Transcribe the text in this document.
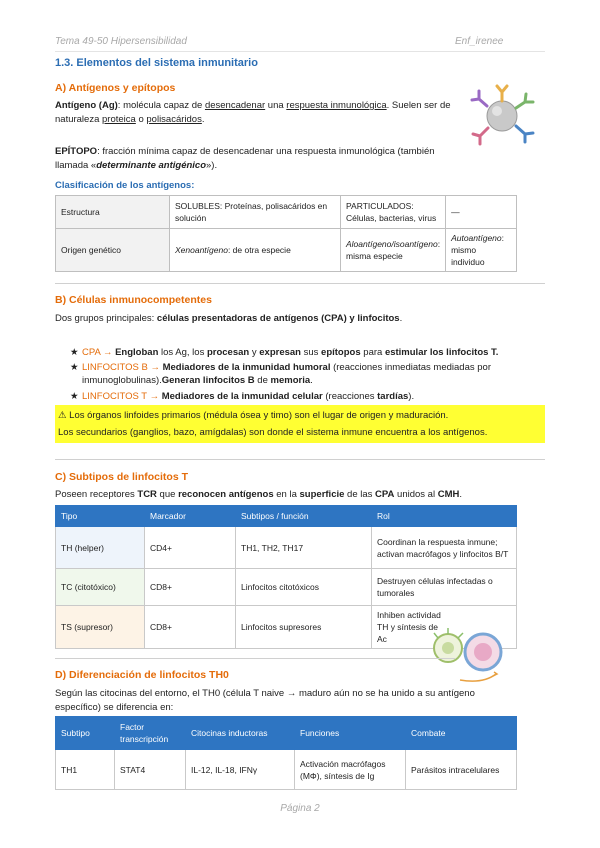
Tema 49-50 Hipersensibilidad	Enf_irenee
1.3. Elementos del sistema inmunitario
A) Antígenos y epítopos
Antígeno (Ag): molécula capaz de desencadenar una respuesta inmunológica. Suelen ser de
naturaleza proteica o polisacáridos.
EPÍTOPO: fracción mínima capaz de desencadenar una respuesta inmunológica (también
llamada «determinante antigénico»).
Clasificación de los antígenos:
Estructura	SOLUBLES: Proteínas, polisacáridos en solución	PARTICULADOS: Células, bacterias, virus	—
Origen genético	Xenoantígeno: de otra especie	Aloantígeno/isoantígeno: misma especie	Autoantígeno: mismo individuo
B) Células inmunocompetentes
Dos grupos principales: células presentadoras de antígenos (CPA) y linfocitos.
★ CPA → Engloban los Ag, los procesan y expresan sus epítopos para estimular los linfocitos T.
★ LINFOCITOS B → Mediadores de la inmunidad humoral (reacciones inmediatas mediadas por
inmunoglobulinas).Generan linfocitos B de memoria.
★ LINFOCITOS T → Mediadores de la inmunidad celular (reacciones tardías).
⚠ Los órganos linfoides primarios (médula ósea y timo) son el lugar de origen y maduración.
Los secundarios (ganglios, bazo, amígdalas) son donde el sistema inmune encuentra a los antígenos.
C) Subtipos de linfocitos T
Poseen receptores TCR que reconocen antígenos en la superficie de las CPA unidos al CMH.
Tipo	Marcador	Subtipos / función	Rol
TH (helper)	CD4+	TH1, TH2, TH17	Coordinan la respuesta inmune; activan macrófagos y linfocitos B/T
TC (citotóxico)	CD8+	Linfocitos citotóxicos	Destruyen células infectadas o tumorales
TS (supresor)	CD8+	Linfocitos supresores	Inhiben actividad TH y síntesis de Ac
D) Diferenciación de linfocitos TH0
Según las citocinas del entorno, el TH0 (célula T naive → maduro aún no se ha unido a su antígeno
específico) se diferencia en:
Subtipo	Factor transcripción	Citocinas inductoras	Funciones	Combate
TH1	STAT4	IL-12, IL-18, IFNγ	Activación macrófagos (MΦ), síntesis de Ig	Parásitos intracelulares
Página 2
